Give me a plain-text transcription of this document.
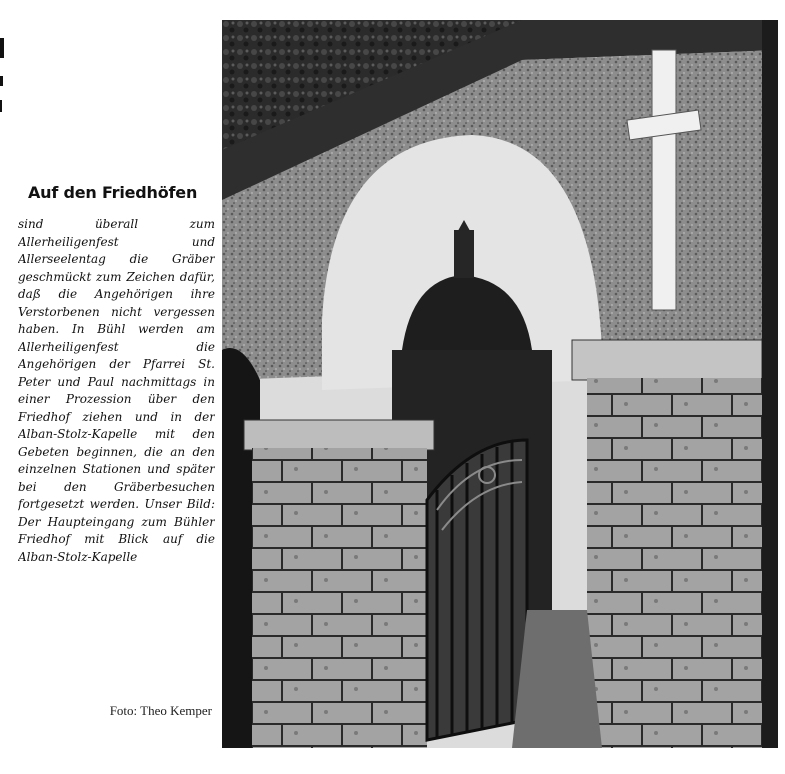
Auf den Friedhöfen
sind überall zum Allerheiligenfest und Allerseelentag die Gräber geschmückt zum Zeichen dafür, daß die Angehörigen ihre Verstorbenen nicht vergessen haben. In Bühl werden am Allerheiligenfest die Angehörigen der Pfarrei St. Peter und Paul nachmittags in einer Prozession über den Friedhof ziehen und in der Alban-Stolz-Kapelle mit den Gebeten beginnen, die an den einzelnen Stationen und später bei den Gräberbesuchen fortgesetzt werden. Unser Bild: Der Haupteingang zum Bühler Friedhof mit Blick auf die Alban-Stolz-Kapelle
Foto: Theo Kemper
